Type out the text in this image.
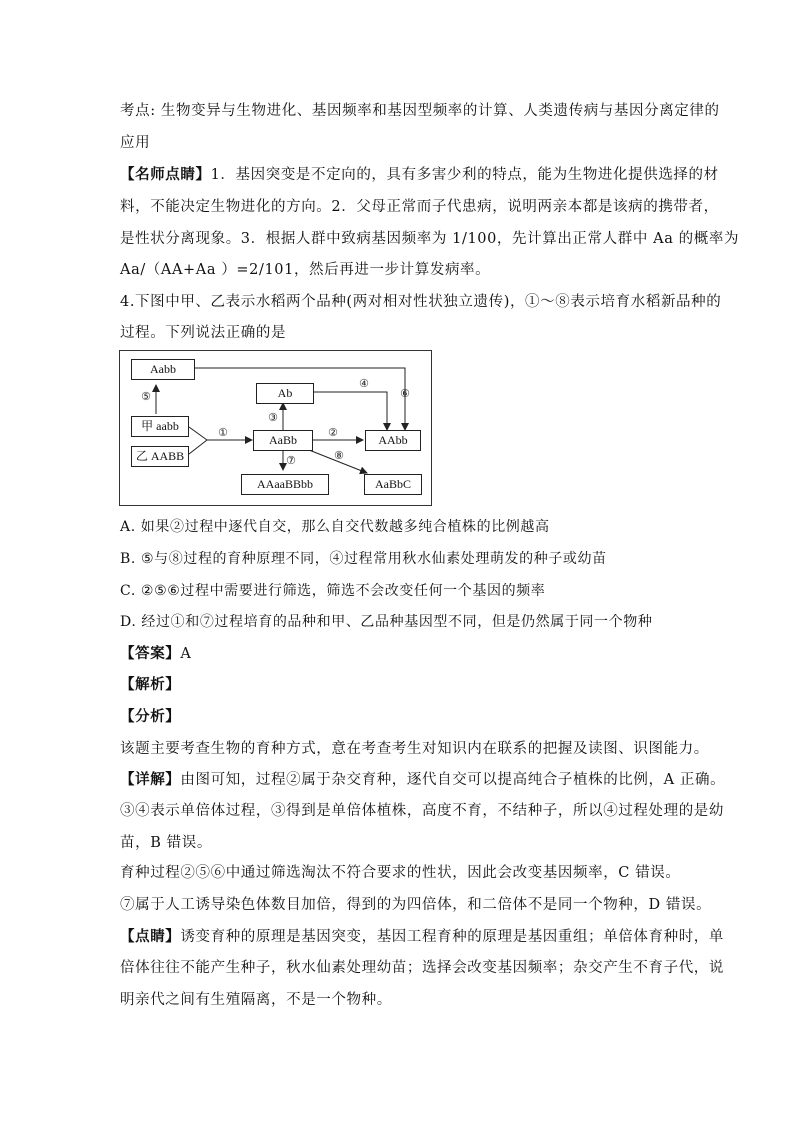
考点: 生物变异与生物进化、基因频率和基因型频率的计算、人类遗传病与基因分离定律的
应用
【名师点睛】1．基因突变是不定向的，具有多害少利的特点，能为生物进化提供选择的材
料，不能决定生物进化的方向。2．父母正常而子代患病，说明两亲本都是该病的携带者，
是性状分离现象。3．根据人群中致病基因频率为 1/100，先计算出正常人群中 Aa 的概率为
Aa/（AA+Aa ）=2/101，然后再进一步计算发病率。
4.下图中甲、乙表示水稻两个品种(两对相对性状独立遗传)，①～⑧表示培育水稻新品种的
过程。下列说法正确的是
Aabb
Ab
甲 aabb
乙 AABB
AaBb	AAbb
AAaaBBbb	AaBbC
①	②
③
④
⑤	⑥
⑦	⑧
A. 如果②过程中逐代自交，那么自交代数越多纯合植株的比例越高
B. ⑤与⑧过程的育种原理不同，④过程常用秋水仙素处理萌发的种子或幼苗
C. ②⑤⑥过程中需要进行筛选，筛选不会改变任何一个基因的频率
D. 经过①和⑦过程培育的品种和甲、乙品种基因型不同，但是仍然属于同一个物种
【答案】A
【解析】
【分析】
该题主要考查生物的育种方式，意在考查考生对知识内在联系的把握及读图、识图能力。
【详解】由图可知，过程②属于杂交育种，逐代自交可以提高纯合子植株的比例，A 正确。
③④表示单倍体过程，③得到是单倍体植株，高度不育，不结种子，所以④过程处理的是幼
苗，B 错误。
育种过程②⑤⑥中通过筛选淘汰不符合要求的性状，因此会改变基因频率，C 错误。
⑦属于人工诱导染色体数目加倍，得到的为四倍体，和二倍体不是同一个物种，D 错误。
【点睛】诱变育种的原理是基因突变，基因工程育种的原理是基因重组；单倍体育种时，单
倍体往往不能产生种子，秋水仙素处理幼苗；选择会改变基因频率；杂交产生不育子代，说
明亲代之间有生殖隔离，不是一个物种。
